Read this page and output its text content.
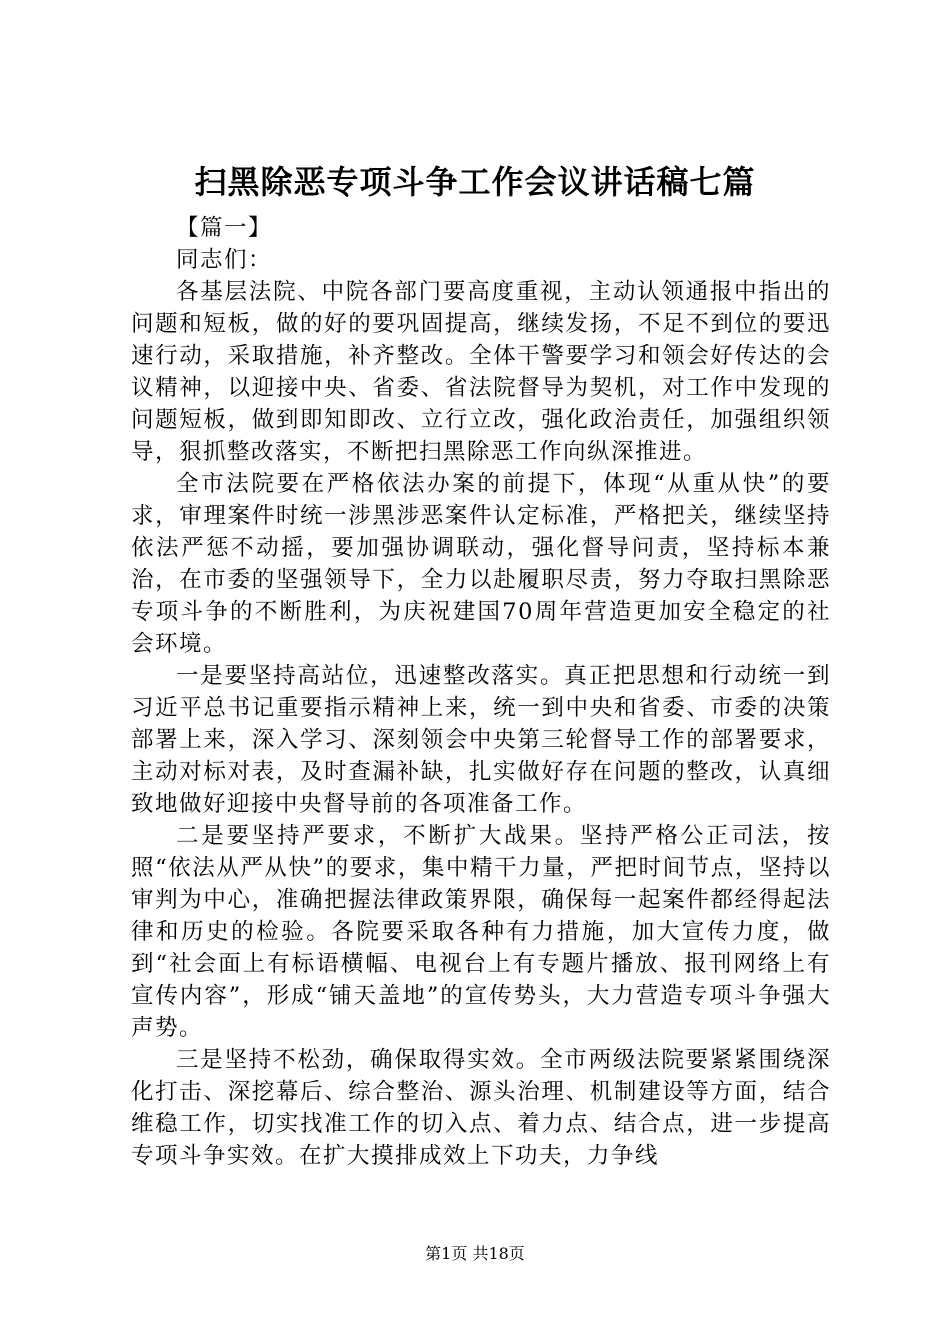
扫黑除恶专项斗争工作会议讲话稿七篇

【篇一】

同志们：

各基层法院、中院各部门要高度重视，主动认领通报中指出的问题和短板，做的好的要巩固提高，继续发扬，不足不到位的要迅速行动，采取措施，补齐整改。全体干警要学习和领会好传达的会议精神，以迎接中央、省委、省法院督导为契机，对工作中发现的问题短板，做到即知即改、立行立改，强化政治责任，加强组织领导，狠抓整改落实，不断把扫黑除恶工作向纵深推进。

全市法院要在严格依法办案的前提下，体现“从重从快”的要求，审理案件时统一涉黑涉恶案件认定标准，严格把关，继续坚持依法严惩不动摇，要加强协调联动，强化督导问责，坚持标本兼治，在市委的坚强领导下，全力以赴履职尽责，努力夺取扫黑除恶专项斗争的不断胜利，为庆祝建国70周年营造更加安全稳定的社会环境。

一是要坚持高站位，迅速整改落实。真正把思想和行动统一到习近平总书记重要指示精神上来，统一到中央和省委、市委的决策部署上来，深入学习、深刻领会中央第三轮督导工作的部署要求，主动对标对表，及时查漏补缺，扎实做好存在问题的整改，认真细致地做好迎接中央督导前的各项准备工作。

二是要坚持严要求，不断扩大战果。坚持严格公正司法，按照“依法从严从快”的要求，集中精干力量，严把时间节点，坚持以审判为中心，准确把握法律政策界限，确保每一起案件都经得起法律和历史的检验。各院要采取各种有力措施，加大宣传力度，做到“社会面上有标语横幅、电视台上有专题片播放、报刊网络上有宣传内容”，形成“铺天盖地”的宣传势头，大力营造专项斗争强大声势。

三是坚持不松劲，确保取得实效。全市两级法院要紧紧围绕深化打击、深挖幕后、综合整治、源头治理、机制建设等方面，结合维稳工作，切实找准工作的切入点、着力点、结合点，进一步提高专项斗争实效。在扩大摸排成效上下功夫，力争线

第1页 共18页
